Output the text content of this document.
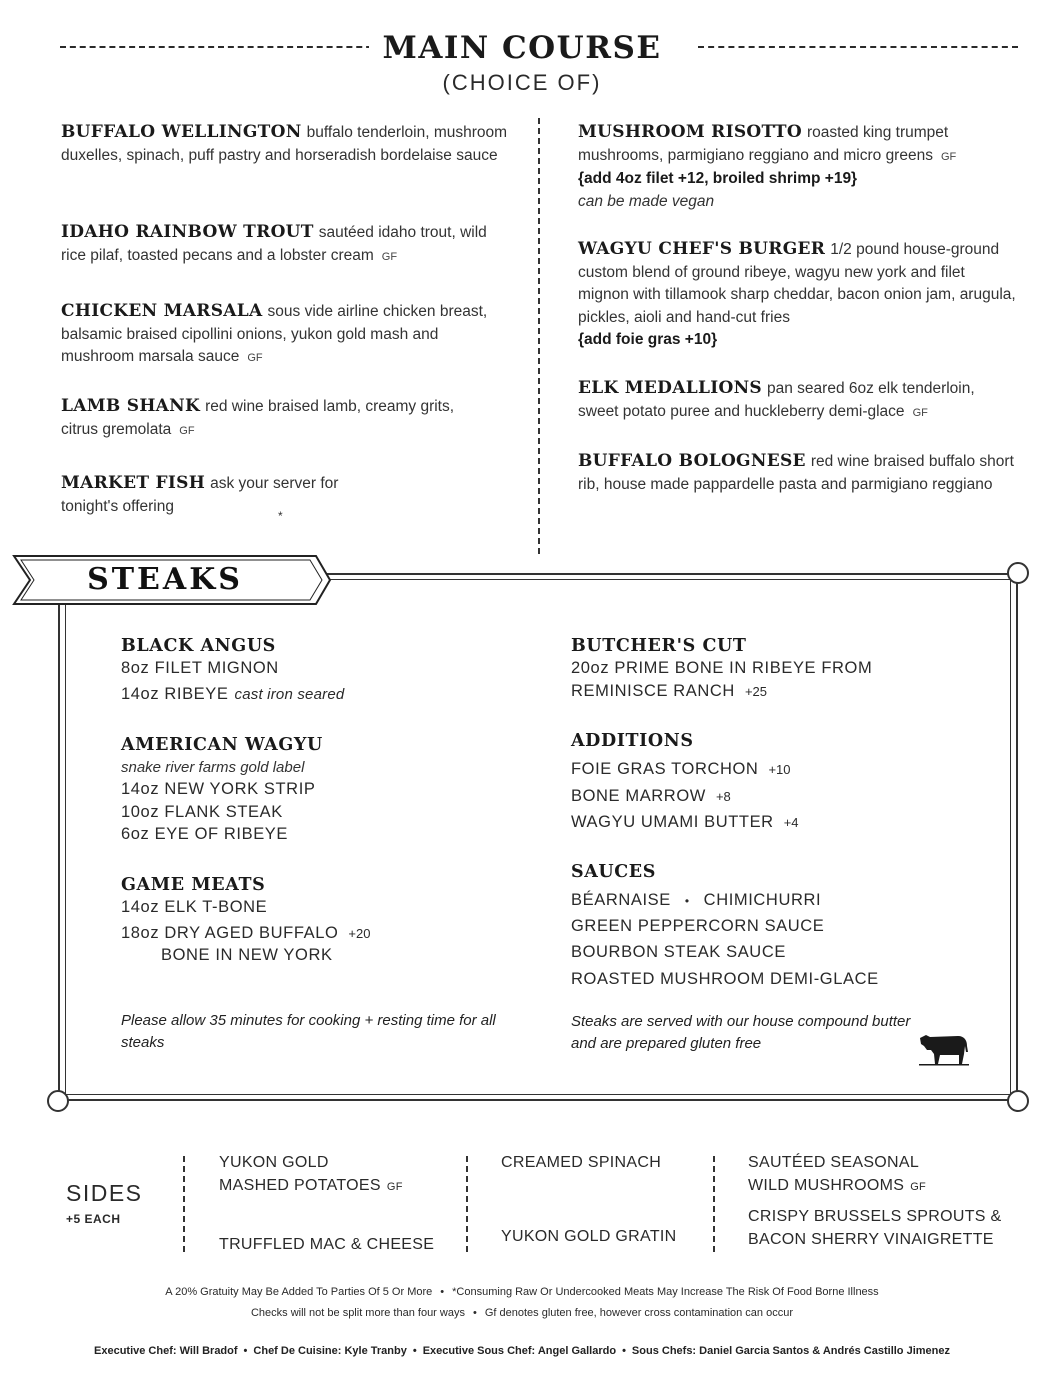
MAIN COURSE
(CHOICE OF)
BUFFALO WELLINGTON buffalo tenderloin, mushroom duxelles, spinach, puff pastry and horseradish bordelaise sauce
IDAHO RAINBOW TROUT sautéed idaho trout, wild rice pilaf, toasted pecans and a lobster cream GF
CHICKEN MARSALA sous vide airline chicken breast, balsamic braised cipollini onions, yukon gold mash and mushroom marsala sauce GF
LAMB SHANK red wine braised lamb, creamy grits, citrus gremolata GF
MARKET FISH ask your server for tonight's offering
*
MUSHROOM RISOTTO roasted king trumpet mushrooms, parmigiano reggiano and micro greens GF
{add 4oz filet +12, broiled shrimp +19}
can be made vegan
WAGYU CHEF'S BURGER 1/2 pound house-ground custom blend of ground ribeye, wagyu new york and filet mignon with tillamook sharp cheddar, bacon onion jam, arugula, pickles, aioli and hand-cut fries
{add foie gras +10}
ELK MEDALLIONS pan seared 6oz elk tenderloin, sweet potato puree and huckleberry demi-glace GF
BUFFALO BOLOGNESE red wine braised buffalo short rib, house made pappardelle pasta and parmigiano reggiano
STEAKS
BLACK ANGUS
8oz FILET MIGNON
14oz RIBEYE cast iron seared
AMERICAN WAGYU
snake river farms gold label
14oz NEW YORK STRIP
10oz FLANK STEAK
6oz EYE OF RIBEYE
GAME MEATS
14oz ELK T-BONE
18oz DRY AGED BUFFALO +20
BONE IN NEW YORK
Please allow 35 minutes for cooking + resting time for all steaks
BUTCHER'S CUT
20oz PRIME BONE IN RIBEYE FROM
REMINISCE RANCH +25
ADDITIONS
FOIE GRAS TORCHON +10
BONE MARROW +8
WAGYU UMAMI BUTTER +4
SAUCES
BÉARNAISE • CHIMICHURRI
GREEN PEPPERCORN SAUCE
BOURBON STEAK SAUCE
ROASTED MUSHROOM DEMI-GLACE
Steaks are served with our house compound butter and are prepared gluten free
SIDES
+5 EACH
YUKON GOLD
MASHED POTATOES GF
TRUFFLED MAC & CHEESE
CREAMED SPINACH
YUKON GOLD GRATIN
SAUTÉED SEASONAL
WILD MUSHROOMS GF
CRISPY BRUSSELS SPROUTS &
BACON SHERRY VINAIGRETTE
A 20% Gratuity May Be Added To Parties Of 5 Or More • *Consuming Raw Or Undercooked Meats May Increase The Risk Of Food Borne Illness
Checks will not be split more than four ways • Gf denotes gluten free, however cross contamination can occur
Executive Chef: Will Bradof • Chef De Cuisine: Kyle Tranby • Executive Sous Chef: Angel Gallardo • Sous Chefs: Daniel Garcia Santos & Andrés Castillo Jimenez
